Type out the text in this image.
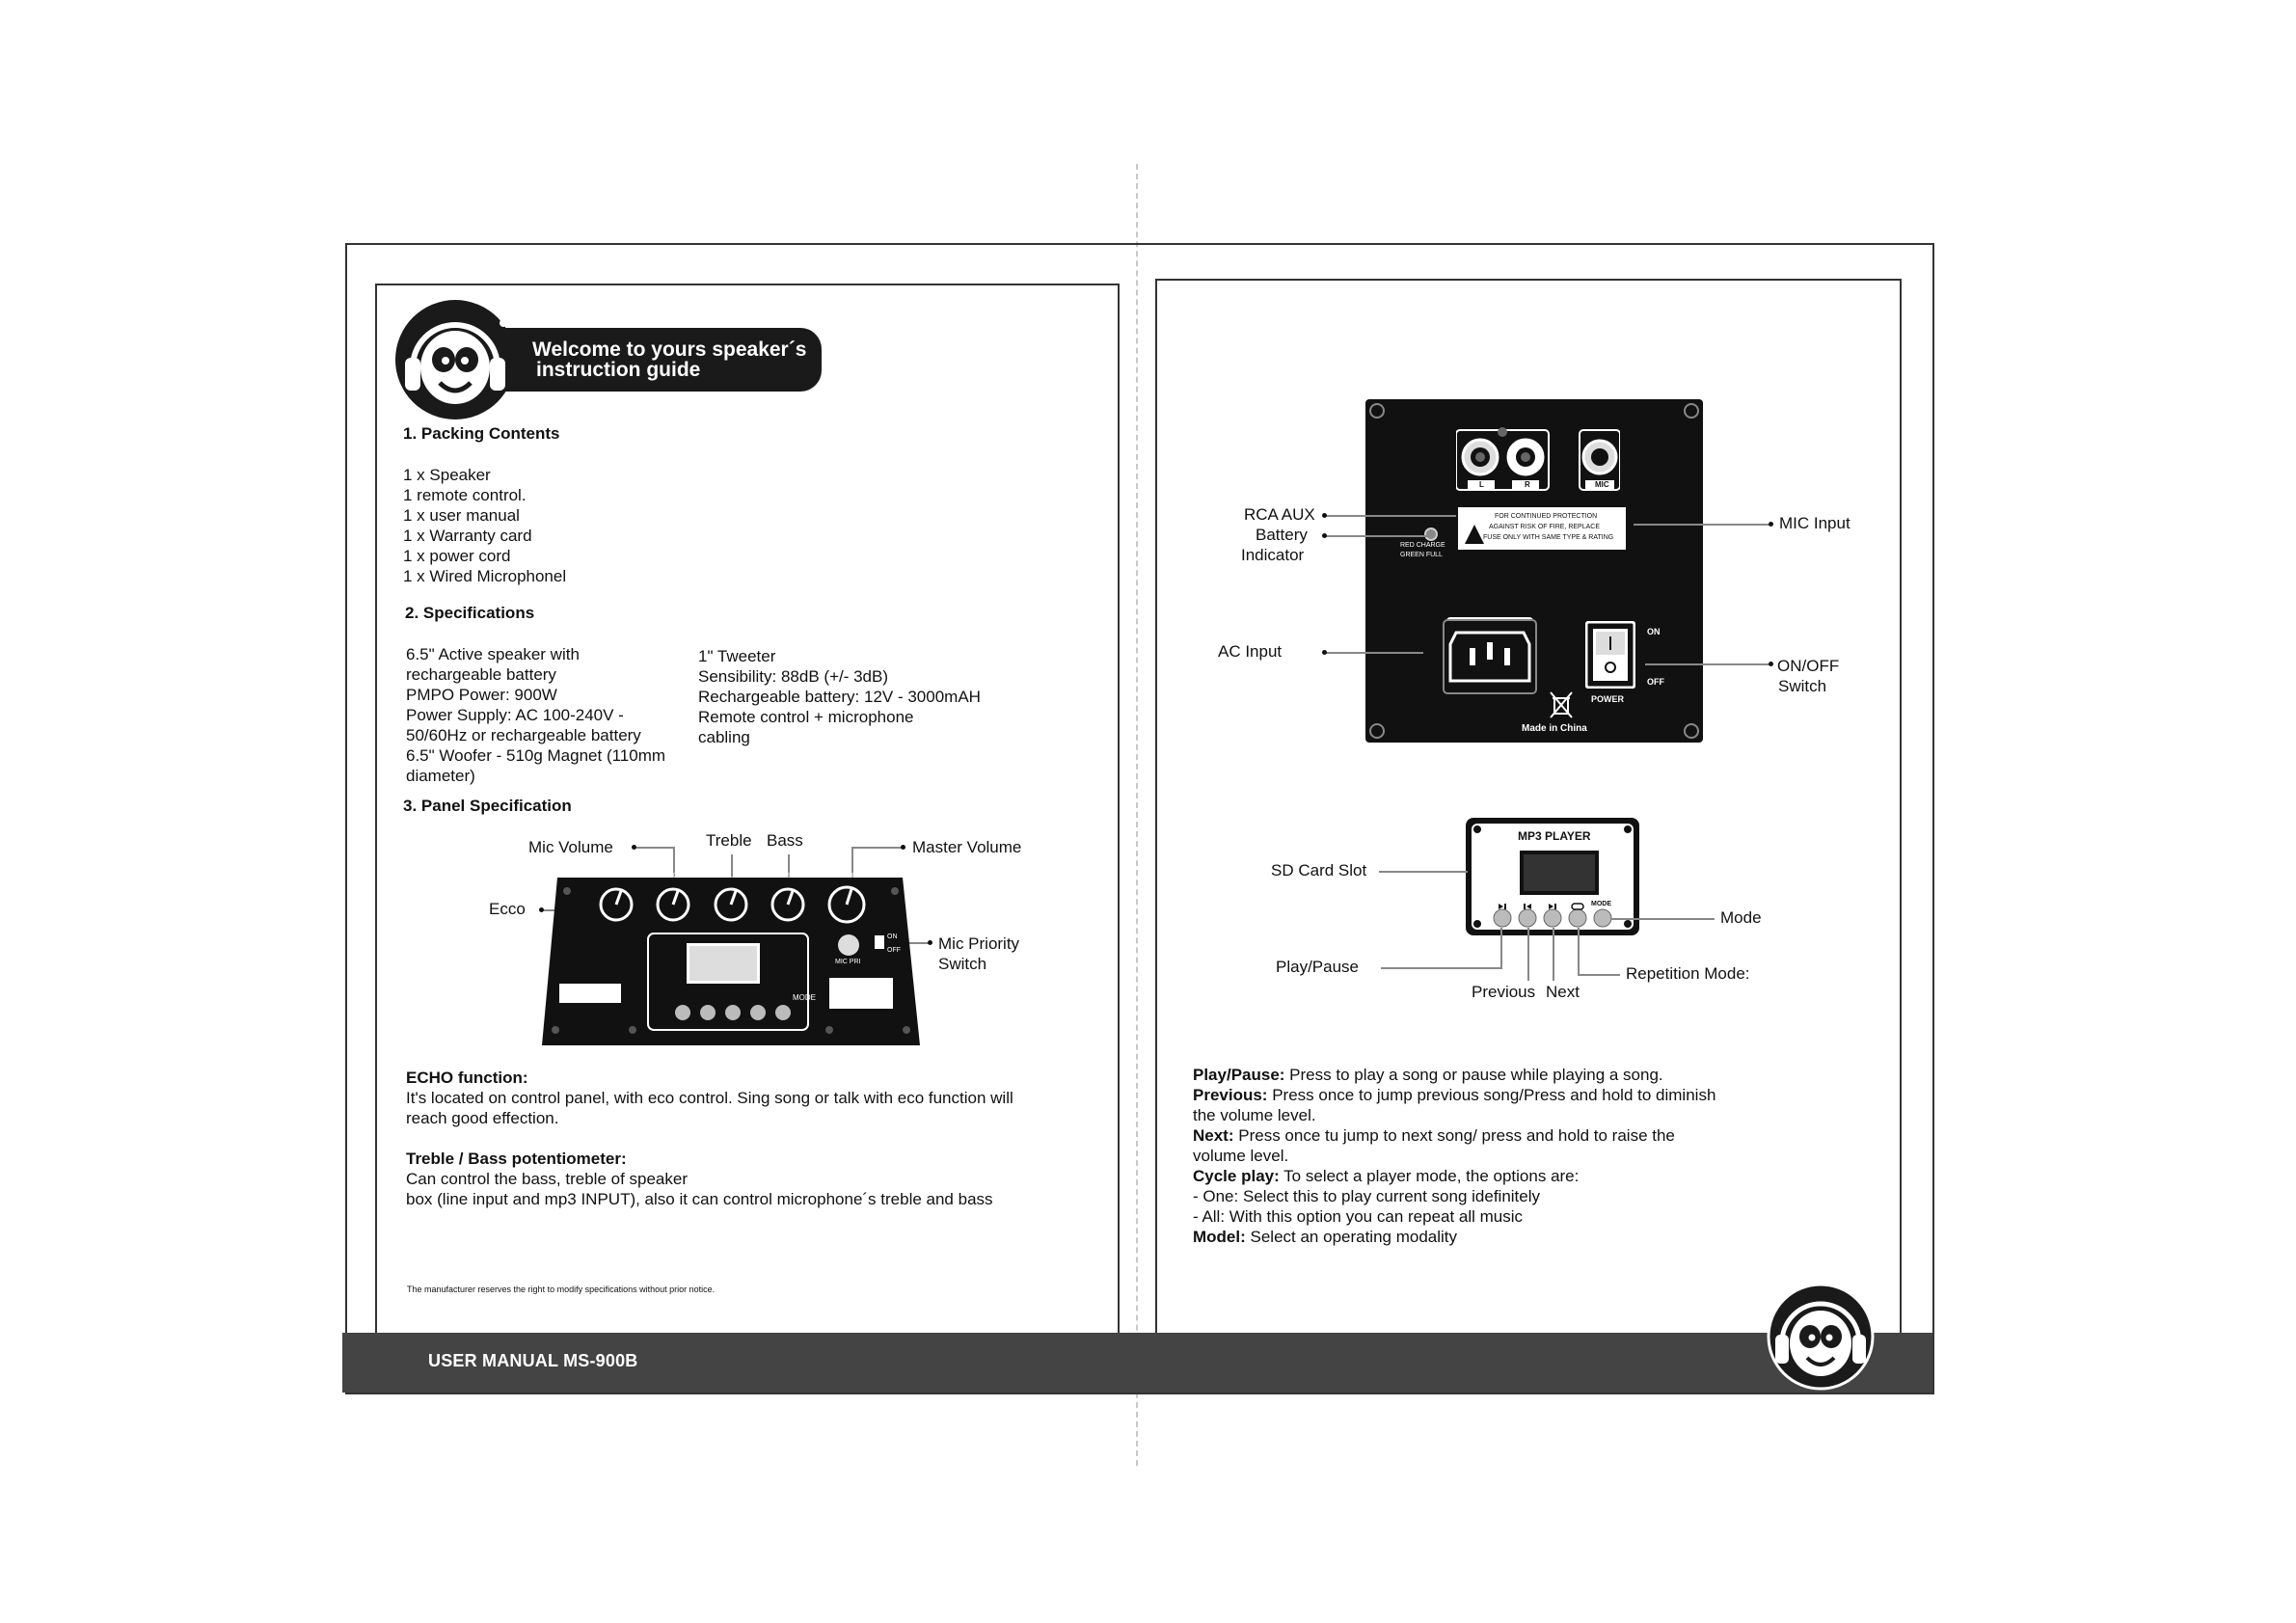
Welcome to yours speaker´s
instruction guide
1. Packing Contents
1 x Speaker
1 remote control.
1 x user manual
1 x Warranty card
1 x power cord
1 x Wired Microphonel
2. Specifications
6.5" Active speaker with
rechargeable battery
PMPO Power: 900W
Power Supply: AC 100-240V -
50/60Hz or rechargeable battery
6.5" Woofer - 510g Magnet (110mm
diameter)
1" Tweeter
Sensibility: 88dB (+/- 3dB)
Rechargeable battery: 12V - 3000mAH
Remote control + microphone
cabling
3. Panel Specification
Mic Volume	Treble Bass	Master Volume
Ecco
Mic Priority
Switch
ECHO	MIC VOL	TREBLE	BASS	VOLUME
MIC PRI
ON
OFF
MODE
ECHO function:
It's located on control panel, with eco control. Sing song or talk with eco function will
reach good effection.
Treble / Bass potentiometer:
Can control the bass, treble of speaker
box (line input and mp3 INPUT), also it can control microphone´s treble and bass
The manufacturer reserves the right to modify specifications without prior notice.
FOR CONTINUED PROTECTION
AGAINST RISK OF FIRE, REPLACE
FUSE ONLY WITH SAME TYPE & RATING
L	R	MIC
RED CHARGE
GREEN FULL
ON
OFF
POWER
Made in China
RCA AUX
Battery
Indicator
MIC Input
AC Input
ON/OFF
Switch
MP3 PLAYER
MODE
SD Card Slot
Mode
Play/Pause	Repetition Mode:
Previous Next
Play/Pause: Press to play a song or pause while playing a song.
Previous: Press once to jump previous song/Press and hold to diminish
the volume level.
Next: Press once tu jump to next song/ press and hold to raise the
volume level.
Cycle play: To select a player mode, the options are:
- One: Select this to play current song idefinitely
- All: With this option you can repeat all music
Model: Select an operating modality
USER MANUAL MS-900B
